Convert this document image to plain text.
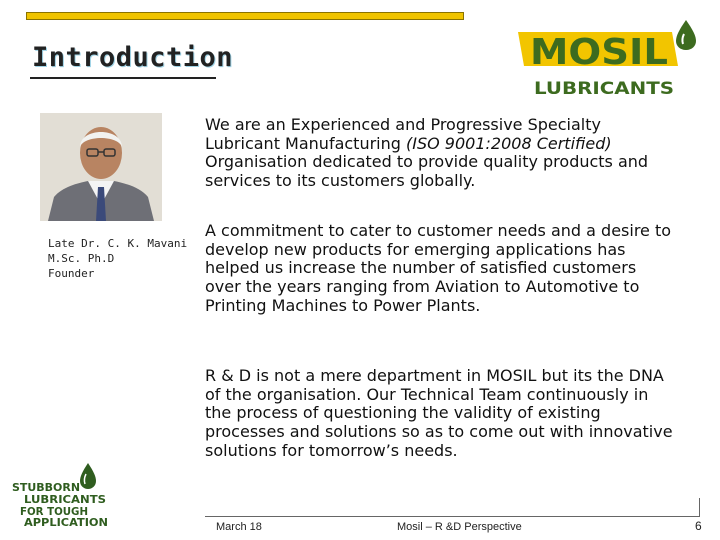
Introduction	MOSIL
LUBRICANTS
Late Dr. C. K. Mavani
M.Sc. Ph.D
Founder

We are an Experienced and Progressive Specialty Lubricant Manufacturing (ISO 9001:2008 Certified) Organisation dedicated to provide quality products and services to its customers globally.

A commitment to cater to customer needs and a desire to develop new products for emerging applications has helped us increase the number of satisfied customers over the years ranging from Aviation to Automotive to Printing Machines to Power Plants.

R & D is not a mere department in MOSIL but its the DNA of the organisation. Our Technical Team continuously in the process of questioning the validity of existing processes and solutions so as to come out with innovative solutions for tomorrow’s needs.

STUBBORN
LUBRICANTS
FOR TOUGH
APPLICATION	March 18	Mosil – R &D Perspective	6
